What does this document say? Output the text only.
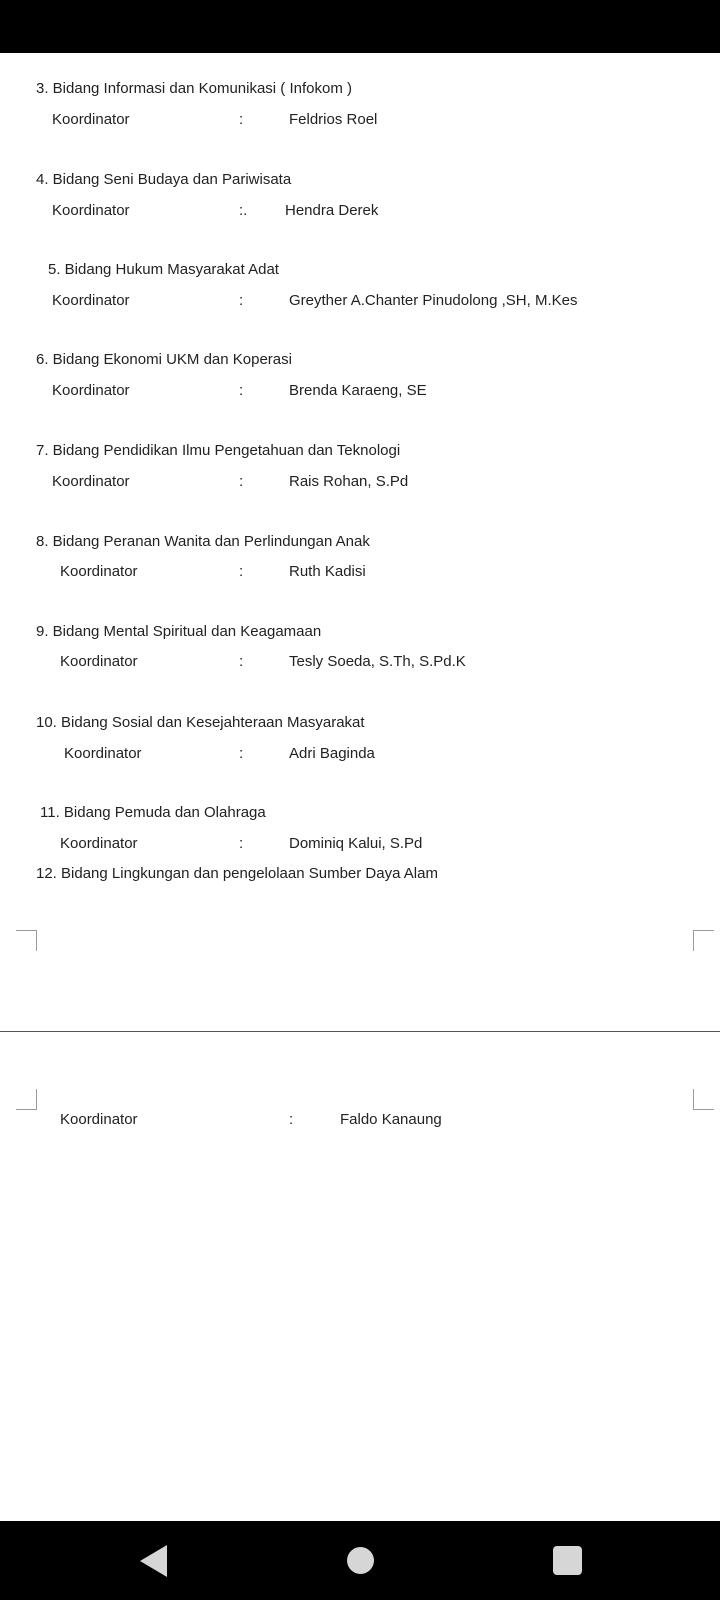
3. Bidang Informasi dan Komunikasi ( Infokom )
Koordinator	:	Feldrios Roel
4. Bidang Seni Budaya dan Pariwisata
Koordinator	:.	Hendra Derek
5. Bidang Hukum Masyarakat Adat
Koordinator	:	Greyther A.Chanter Pinudolong ,SH, M.Kes
6. Bidang Ekonomi UKM dan Koperasi
Koordinator	:	Brenda Karaeng, SE
7. Bidang Pendidikan Ilmu Pengetahuan dan Teknologi
Koordinator	:	Rais Rohan, S.Pd
8. Bidang Peranan Wanita dan Perlindungan Anak
Koordinator	:	Ruth Kadisi
9. Bidang Mental Spiritual dan Keagamaan
Koordinator	:	Tesly Soeda, S.Th, S.Pd.K
10. Bidang Sosial dan Kesejahteraan Masyarakat
Koordinator	:	Adri Baginda
11. Bidang Pemuda dan Olahraga
Koordinator	:	Dominiq Kalui, S.Pd
12. Bidang Lingkungan dan pengelolaan Sumber Daya Alam
Koordinator	:	Faldo Kanaung
